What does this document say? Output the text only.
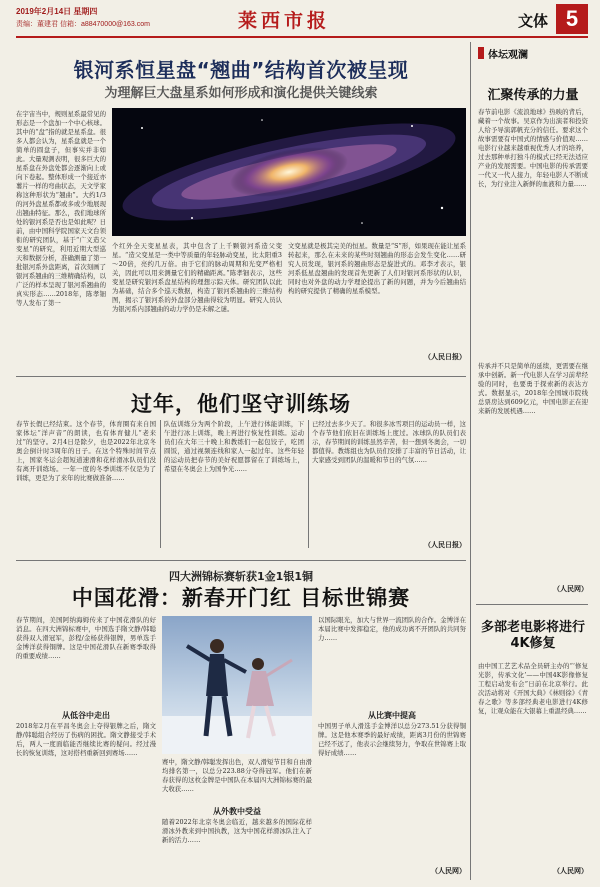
2019年2月14日 星期四
责编：董建君 信箱：a88470000@163.com	莱西市报	文体 5
银河系恒星盘“翘曲”结构首次被呈现
为理解巨大盘星系如何形成和演化提供关键线索
在宇宙当中，规则星系最常见的形态是一个盘加一个中心核球。其中的“盘”指的就是星系盘。很多人都会认为，星系盘就是一个简单的圆盘子，但事实并非如此。大量观测表明，很多巨大的星系盘在外盘处都会逐渐向上或向下卷起。整体形成一个接近亦薯片一样的弯曲状态，天文学家称这种形状为“翘曲”。大约1/3的河外盘星系都或多或少地展现出翘曲特征。那么，我们地球所处的银河系是否也是如此呢？日前，由中国科学院国家天文台领衔的研究团队，基于“广义造父变星”的研究，利用近期大型巡天和数据分析，准确测量了第一批银河系外盘距离，首次刻画了银河系翘曲的三维精确结构，以广泛的样本呈现了银河系翘曲的真实形态……2018年，陈孝钿等人发布了第一
个红外全天变星星表，其中包含了上千颗银河系造父变星。“造父变星是一类中等质量的年轻脉动变星，比太阳重3～20倍，亮约几万倍。由于它们的脉动周期和光变严格相关，因此可以用来测量它们的精确距离。”陈孝钿表示，这些变星是研究银河系盘星结构的理想示踪天体。研究团队以此为基础，结合多个巡天数据，构造了银河系翘曲的三维结构图，揭示了银河系的外盘部分翘曲得较为明显。研究人员认为银河系内部翘曲的动力学仍是未解之谜。
文变星就是极其完美的恒星。数量是“S”形，如果现在能让星系转起来，那么在未来的某些时刻翘曲的形态会发生变化……研究人员发现，银河系的翘曲形态是旋进式的。邓李才表示，银河系低星盘翘曲的发现首先更新了人们对银河系形状的认识，同时也对外盘的动力学理论提出了新的问题，并为今后翘曲结构的研究提供了精确的星系模型。
（人民日报）
过年，他们坚守训练场
春节长假已经结束。这个春节，体育圈有来自国家体坛“洋声音”的朗读，也有体育健儿“老来过”的坚守。2月4日是除夕，也是2022年北京冬奥会倒计时3周年的日子。在这个特殊时间节点上，国家冬运会超短道速滑和花样滑冰队员们没有离开训练场。一年一度的冬季训练不仅是为了训练，更是为了来年的比赛做准备……
队伍训练分为两个阶段，上午进行体能训练，下午进行冰上训练，晚上再进行恢复性训练。运动员们在大年三十晚上和教练们一起包饺子，吃团圆饭，通过视频连线和家人一起过年。这些年轻的运动员把春节的美好祝愿都留在了训练场上，希望在冬奥会上为国争光……
已经过去多少天了。和很多冰雪项目的运动员一样，这个春节他们依旧在训练场上度过。冰球队的队员们表示，春节期间的训练虽然辛苦，但一想到冬奥会，一切都值得。教练组也为队员们安排了丰富的节日活动，让大家感受到团队的温暖和节日的气氛……
（人民日报）
四大洲锦标赛斩获1金1银1铜
中国花滑：新春开门红 目标世锦赛
春节期间，美国阿纳海姆传来了中国花滑队的好消息。在四大洲锦标赛中，中国选手隋文静/韩聪获得双人滑冠军，彭程/金杨获得银牌，男单选手金博洋获得铜牌。这是中国花滑队在新赛季取得的重要成绩……
从低谷中走出
2018年2月在平昌冬奥会上夺得银牌之后，隋文静/韩聪组合经历了伤病的困扰。隋文静接受手术后，两人一度面临能否继续比赛的疑问。经过漫长的恢复训练，这对搭档重新回到赛场……
赛中，隋文静/韩聪发挥出色，双人滑短节目和自由滑均排名第一，以总分223.88分夺得冠军。他们在新春获得的这枚金牌是中国队在本届四大洲锦标赛的最大收获……
从外教中受益
随着2022年北京冬奥会临近，越来越多的国际花样滑冰外教来到中国执教，这为中国花样滑冰队注入了新的活力……
以国际眼光，加大与世界一流团队的合作。金博洋在本届比赛中发挥稳定，他的成功离不开团队的共同努力……
从比赛中提高
中国男子单人滑选手金博洋以总分273.51分获得铜牌。这是他本赛季的最好成绩，距离3月份的世锦赛已经不远了，他表示会继续努力，争取在世锦赛上取得好成绩……
（人民网）
体坛观澜
汇聚传承的力量
春节前电影《流浪地球》热映的背后，藏着一个故事。吴京作为出演者和投资人给予导演郭帆充分的信任。要求这个故事需要有中国式的情感与价值观……电影行业越来越重视优秀人才的培养，过去那种单打独斗的模式已经无法适应产业的发展需要。中国电影的传承需要一代又一代人接力，年轻电影人不断成长，为行业注入新鲜的血液和力量……
传承并不只是简单的延续，更需要在继承中创新。新一代电影人在学习前辈经验的同时，也要勇于探索新的表达方式。数据显示，2018年全国城市院线总票房达到609亿元，中国电影正在迎来新的发展机遇……
（人民网）
多部老电影将进行4K修复
由中国工艺艺术品全员研主办的“‘修复光影，传承文化’——中国4K影像修复工程启动发布会”日前在北京举行。此次活动将对《开国大典》《林则徐》《青春之歌》等多部经典老电影进行4K修复，让观众能在大银幕上重温经典……
（人民网）
